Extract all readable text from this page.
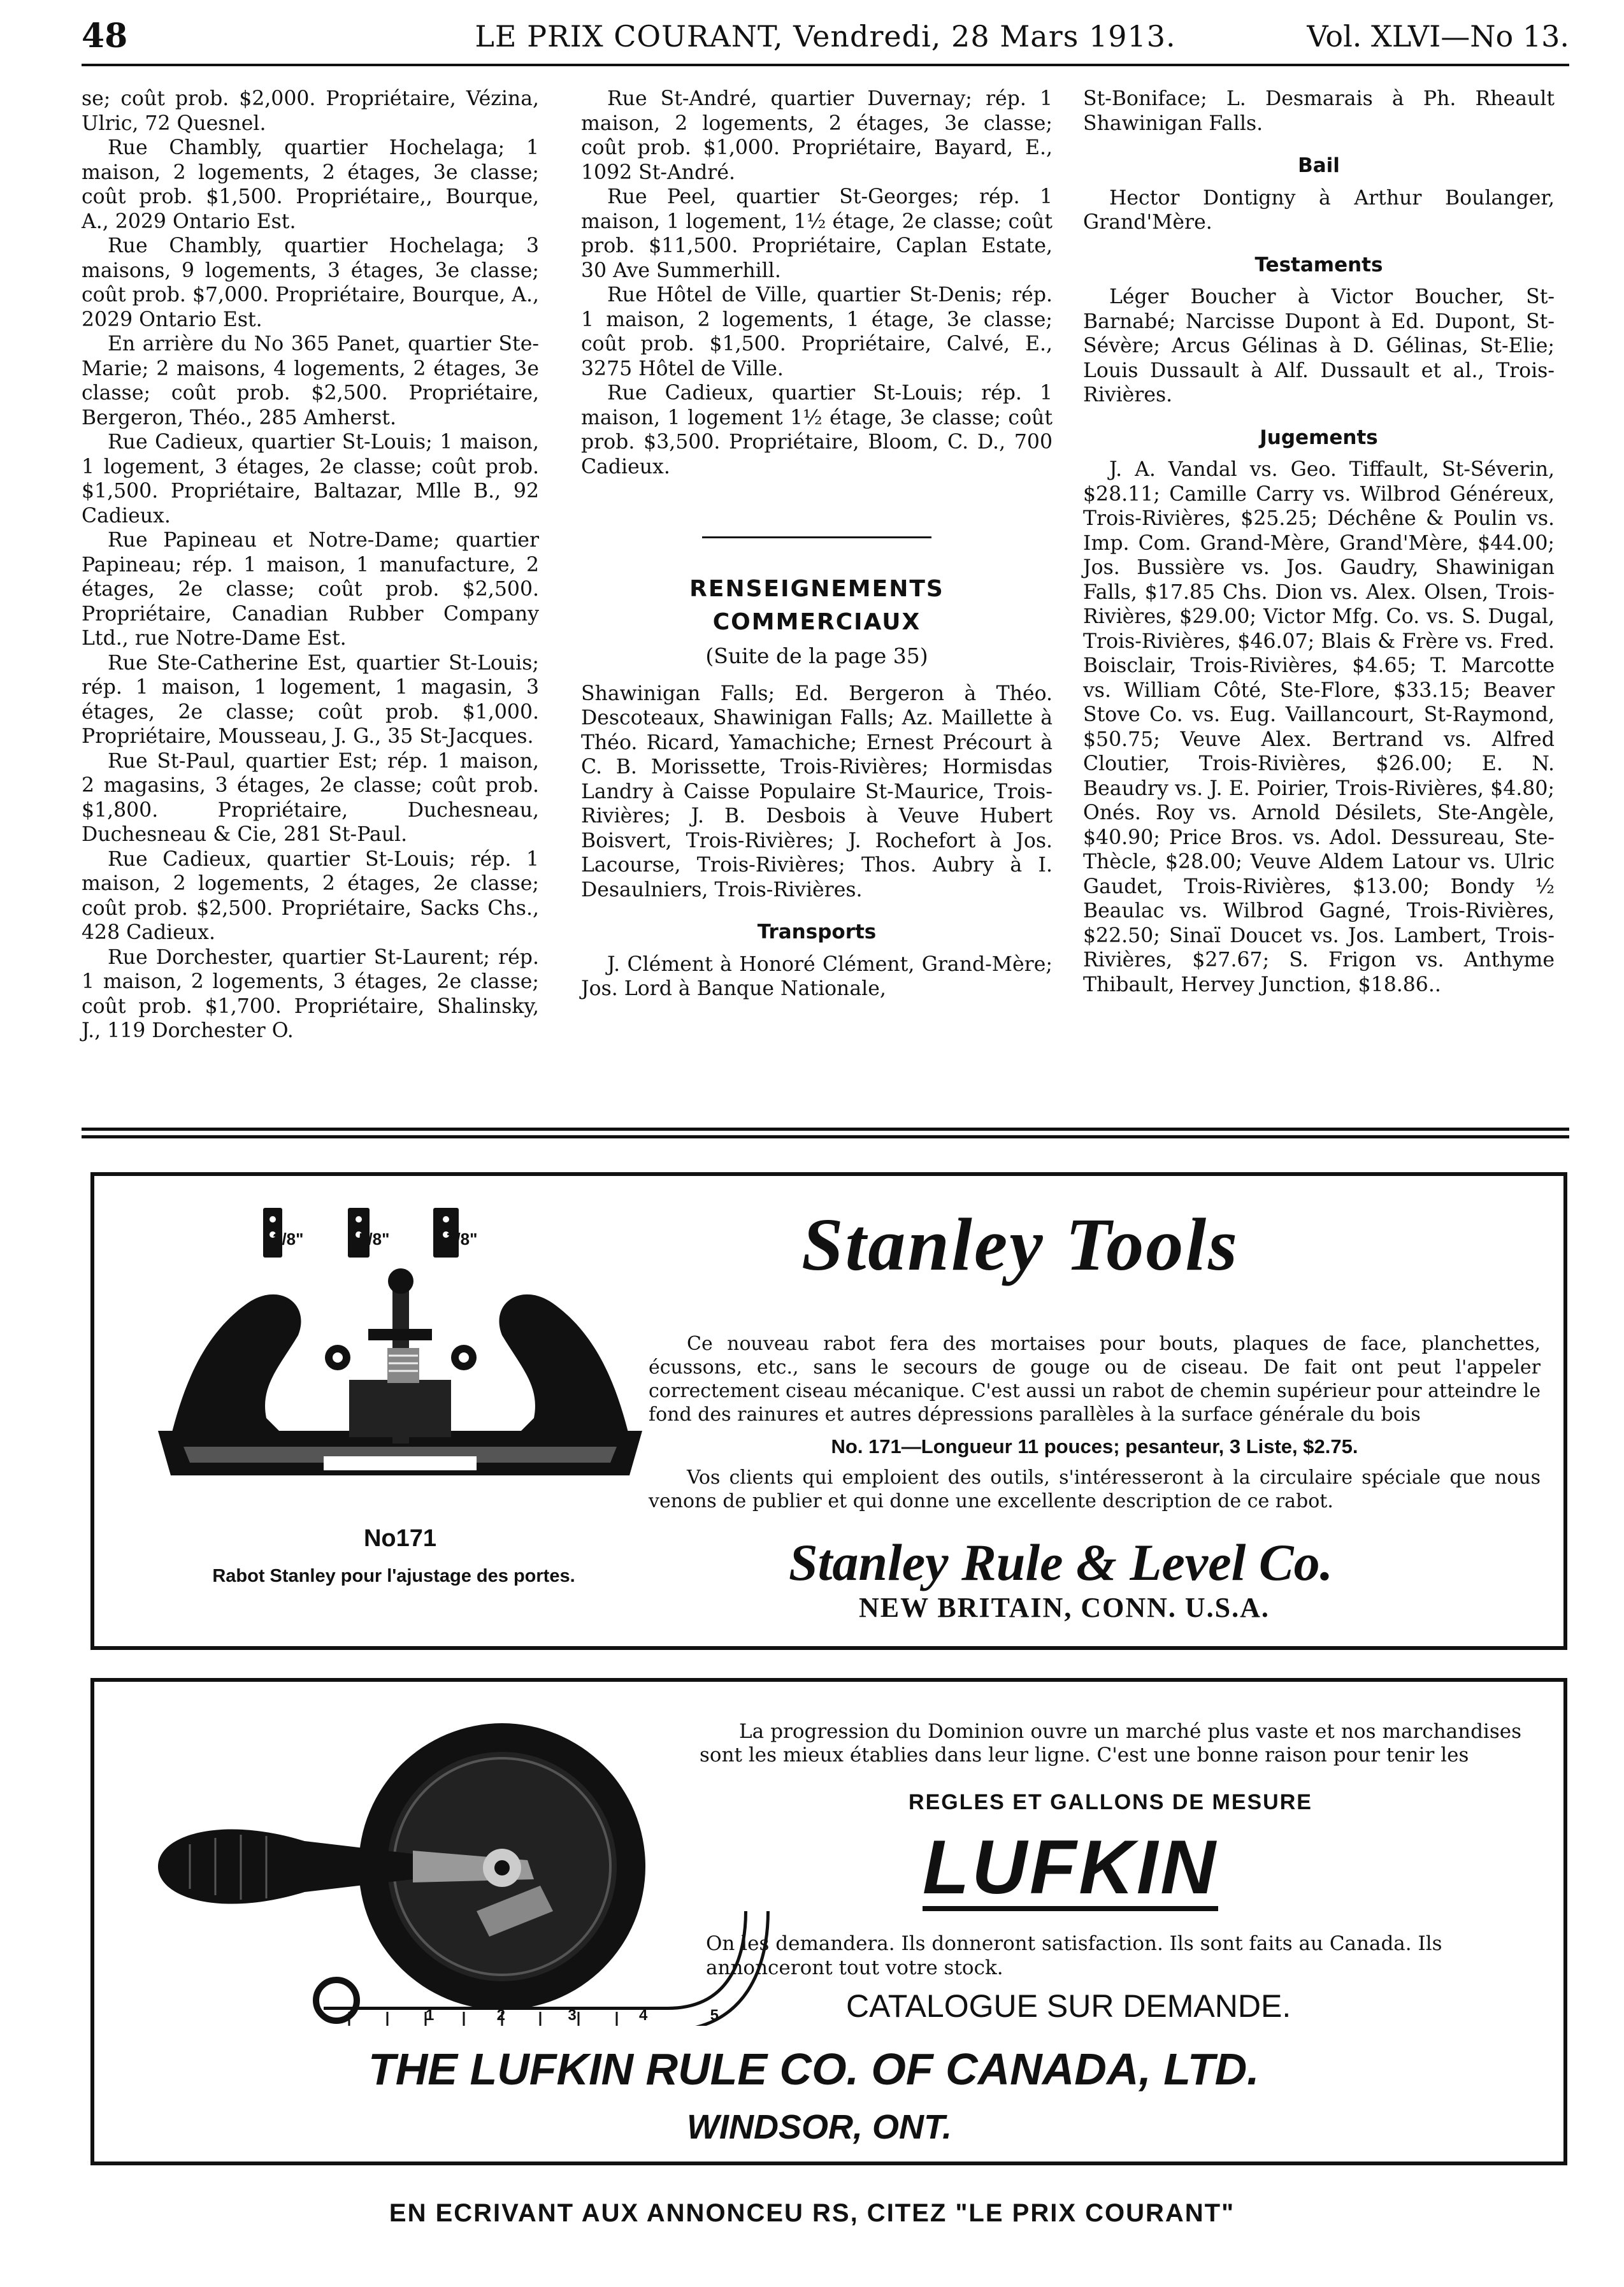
48	LE PRIX COURANT, Vendredi, 28 Mars 1913.	Vol. XLVI—No 13.

se; coût prob. $2,000. Propriétaire, Vézina, Ulric, 72 Quesnel.

Rue Chambly, quartier Hochelaga; 1 maison, 2 logements, 2 étages, 3e classe; coût prob. $1,500. Propriétaire,, Bourque, A., 2029 Ontario Est.

Rue Chambly, quartier Hochelaga; 3 maisons, 9 logements, 3 étages, 3e classe; coût prob. $7,000. Propriétaire, Bourque, A., 2029 Ontario Est.

En arrière du No 365 Panet, quartier Ste-Marie; 2 maisons, 4 logements, 2 étages, 3e classe; coût prob. $2,500. Propriétaire, Bergeron, Théo., 285 Amherst.

Rue Cadieux, quartier St-Louis; 1 maison, 1 logement, 3 étages, 2e classe; coût prob. $1,500. Propriétaire, Baltazar, Mlle B., 92 Cadieux.

Rue Papineau et Notre-Dame; quartier Papineau; rép. 1 maison, 1 manufacture, 2 étages, 2e classe; coût prob. $2,500. Propriétaire, Canadian Rubber Company Ltd., rue Notre-Dame Est.

Rue Ste-Catherine Est, quartier St-Louis; rép. 1 maison, 1 logement, 1 magasin, 3 étages, 2e classe; coût prob. $1,000. Propriétaire, Mousseau, J. G., 35 St-Jacques.

Rue St-Paul, quartier Est; rép. 1 maison, 2 magasins, 3 étages, 2e classe; coût prob. $1,800. Propriétaire, Duchesneau, Duchesneau & Cie, 281 St-Paul.

Rue Cadieux, quartier St-Louis; rép. 1 maison, 2 logements, 2 étages, 2e classe; coût prob. $2,500. Propriétaire, Sacks Chs., 428 Cadieux.

Rue Dorchester, quartier St-Laurent; rép. 1 maison, 2 logements, 3 étages, 2e classe; coût prob. $1,700. Propriétaire, Shalinsky, J., 119 Dorchester O.

Rue St-André, quartier Duvernay; rép. 1 maison, 2 logements, 2 étages, 3e classe; coût prob. $1,000. Propriétaire, Bayard, E., 1092 St-André.

Rue Peel, quartier St-Georges; rép. 1 maison, 1 logement, 1½ étage, 2e classe; coût prob. $11,500. Propriétaire, Caplan Estate, 30 Ave Summerhill.

Rue Hôtel de Ville, quartier St-Denis; rép. 1 maison, 2 logements, 1 étage, 3e classe; coût prob. $1,500. Propriétaire, Calvé, E., 3275 Hôtel de Ville.

Rue Cadieux, quartier St-Louis; rép. 1 maison, 1 logement 1½ étage, 3e classe; coût prob. $3,500. Propriétaire, Bloom, C. D., 700 Cadieux.

RENSEIGNEMENTS COMMERCIAUX
(Suite de la page 35)

Shawinigan Falls; Ed. Bergeron à Théo. Descoteaux, Shawinigan Falls; Az. Maillette à Théo. Ricard, Yamachiche; Ernest Précourt à C. B. Morissette, Trois-Rivières; Hormisdas Landry à Caisse Populaire St-Maurice, Trois-Rivières; J. B. Desbois à Veuve Hubert Boisvert, Trois-Rivières; J. Rochefort à Jos. Lacourse, Trois-Rivières; Thos. Aubry à I. Desaulniers, Trois-Rivières.

Transports

J. Clément à Honoré Clément, Grand-Mère; Jos. Lord à Banque Nationale,

St-Boniface; L. Desmarais à Ph. Rheault Shawinigan Falls.

Bail

Hector Dontigny à Arthur Boulanger, Grand'Mère.

Testaments

Léger Boucher à Victor Boucher, St-Barnabé; Narcisse Dupont à Ed. Dupont, St-Sévère; Arcus Gélinas à D. Gélinas, St-Elie; Louis Dussault à Alf. Dussault et al., Trois-Rivières.

Jugements

J. A. Vandal vs. Geo. Tiffault, St-Séverin, $28.11; Camille Carry vs. Wilbrod Généreux, Trois-Rivières, $25.25; Déchêne & Poulin vs. Imp. Com. Grand-Mère, Grand'Mère, $44.00; Jos. Bussière vs. Jos. Gaudry, Shawinigan Falls, $17.85 Chs. Dion vs. Alex. Olsen, Trois-Rivières, $29.00; Victor Mfg. Co. vs. S. Dugal, Trois-Rivières, $46.07; Blais & Frère vs. Fred. Boisclair, Trois-Rivières, $4.65; T. Marcotte vs. William Côté, Ste-Flore, $33.15; Beaver Stove Co. vs. Eug. Vaillancourt, St-Raymond, $50.75; Veuve Alex. Bertrand vs. Alfred Cloutier, Trois-Rivières, $26.00; E. N. Beaudry vs. J. E. Poirier, Trois-Rivières, $4.80; Onés. Roy vs. Arnold Désilets, Ste-Angèle, $40.90; Price Bros. vs. Adol. Dessureau, Ste-Thècle, $28.00; Veuve Aldem Latour vs. Ulric Gaudet, Trois-Rivières, $13.00; Bondy ½ Beaulac vs. Wilbrod Gagné, Trois-Rivières, $22.50; Sinaï Doucet vs. Jos. Lambert, Trois-Rivières, $27.67; S. Frigon vs. Anthyme Thibault, Hervey Junction, $18.86..

3/8"	5/8"	7/8"
No171
Rabot Stanley pour l'ajustage des portes.
Stanley Tools
Ce nouveau rabot fera des mortaises pour bouts, plaques de face, planchettes, écussons, etc., sans le secours de gouge ou de ciseau. De fait ont peut l'appeler correctement ciseau mécanique. C'est aussi un rabot de chemin supérieur pour atteindre le fond des rainures et autres dépressions parallèles à la surface générale du bois
No. 171—Longueur 11 pouces; pesanteur, 3 Liste, $2.75.
Vos clients qui emploient des outils, s'intéresseront à la circulaire spéciale que nous venons de publier et qui donne une excellente description de ce rabot.
Stanley Rule & Level Co.
NEW BRITAIN, CONN. U.S.A.
1	2	3	4	5
La progression du Dominion ouvre un marché plus vaste et nos marchandises sont les mieux établies dans leur ligne. C'est une bonne raison pour tenir les
REGLES ET GALLONS DE MESURE
LUFKIN
On les demandera. Ils donneront satisfaction. Ils sont faits au Canada. Ils annonceront tout votre stock.
CATALOGUE SUR DEMANDE.
THE LUFKIN RULE CO. OF CANADA, LTD.
WINDSOR, ONT.
EN ECRIVANT AUX ANNONCEU RS, CITEZ "LE PRIX COURANT"
